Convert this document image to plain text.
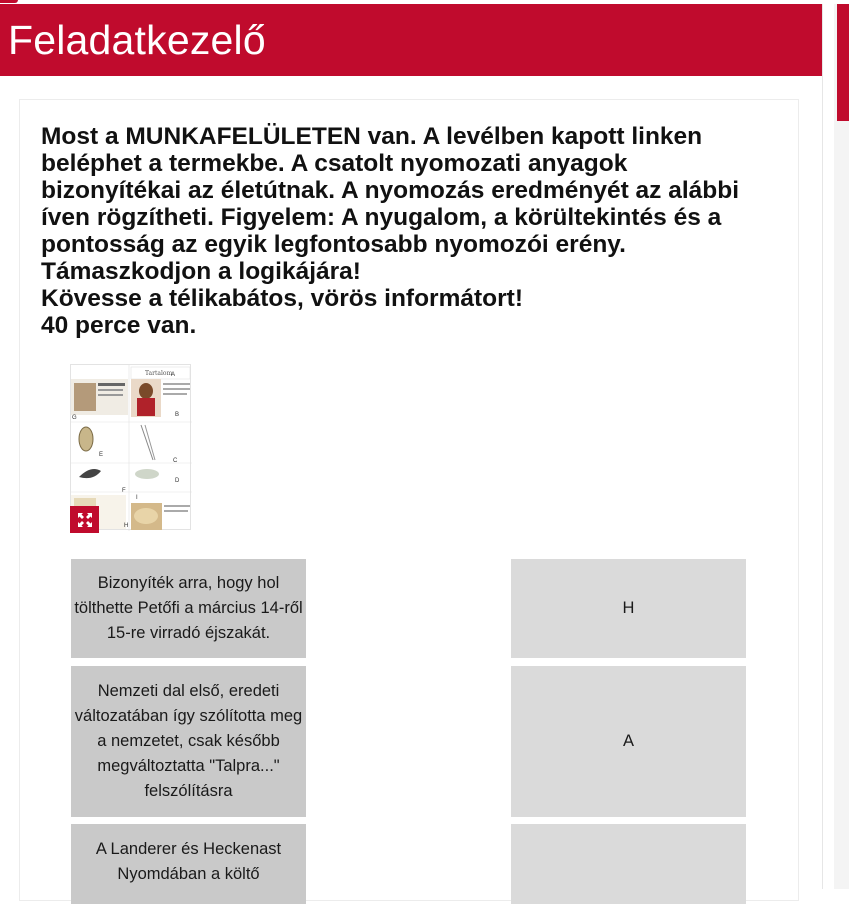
Feladatkezelő
Most a MUNKAFELÜLETEN van. A levélben kapott linken beléphet a termekbe. A csatolt nyomozati anyagok bizonyítékai az életútnak. A nyomozás eredményét az alábbi íven rögzítheti. Figyelem: A nyugalom, a körültekintés és a pontosság az egyik legfontosabb nyomozói erény. Támaszkodjon a logikájára!
Kövesse a télikabátos, vörös informátort!
40 perce van.
Tartalom
A
B
C
D
E
F
G
H
I
Bizonyíték arra, hogy hol tölthette Petőfi a március 14-ről 15-re virradó éjszakát.
H
Nemzeti dal első, eredeti változatában így szólította meg a nemzetet, csak később megváltoztatta "Talpra..." felszólításra
A
A Landerer és Heckenast Nyomdában a költő
